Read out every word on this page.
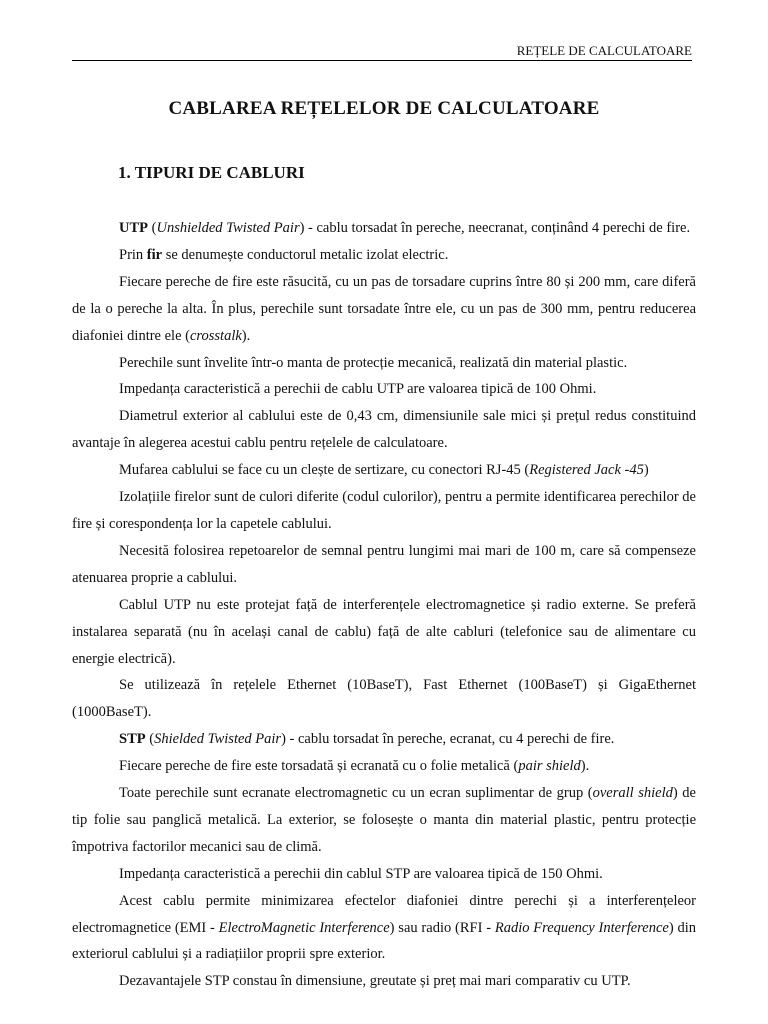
REȚELE DE CALCULATOARE
CABLAREA REȚELELOR DE CALCULATOARE
1. TIPURI DE CABLURI

UTP (Unshielded Twisted Pair) - cablu torsadat în pereche, neecranat, conținând 4 perechi de fire.

Prin fir se denumește conductorul metalic izolat electric.

Fiecare pereche de fire este răsucită, cu un pas de torsadare cuprins între 80 și 200 mm, care diferă de la o pereche la alta. În plus, perechile sunt torsadate între ele, cu un pas de 300 mm, pentru reducerea diafoniei dintre ele (crosstalk).

Perechile sunt învelite într-o manta de protecție mecanică, realizată din material plastic.

Impedanța caracteristică a perechii de cablu UTP are valoarea tipică de 100 Ohmi.

Diametrul exterior al cablului este de 0,43 cm, dimensiunile sale mici și prețul redus constituind avantaje în alegerea acestui cablu pentru rețelele de calculatoare.

Mufarea cablului se face cu un clește de sertizare, cu conectori RJ-45 (Registered Jack -45)

Izolațiile firelor sunt de culori diferite (codul culorilor), pentru a permite identificarea perechilor de fire și corespondența lor la capetele cablului.

Necesită folosirea repetoarelor de semnal pentru lungimi mai mari de 100 m, care să compenseze atenuarea proprie a cablului.

Cablul UTP nu este protejat față de interferențele electromagnetice și radio externe. Se preferă instalarea separată (nu în același canal de cablu) față de alte cabluri (telefonice sau de alimentare cu energie electrică).

Se utilizează în rețelele Ethernet (10BaseT), Fast Ethernet (100BaseT) și GigaEthernet (1000BaseT).

STP (Shielded Twisted Pair) - cablu torsadat în pereche, ecranat, cu 4 perechi de fire.

Fiecare pereche de fire este torsadată și ecranată cu o folie metalică (pair shield).

Toate perechile sunt ecranate electromagnetic cu un ecran suplimentar de grup (overall shield) de tip folie sau panglică metalică. La exterior, se folosește o manta din material plastic, pentru protecție împotriva factorilor mecanici sau de climă.

Impedanța caracteristică a perechii din cablul STP are valoarea tipică de 150 Ohmi.

Acest cablu permite minimizarea efectelor diafoniei dintre perechi și a interferențeleor electromagnetice (EMI - ElectroMagnetic Interference) sau radio (RFI - Radio Frequency Interference) din exteriorul cablului și a radiațiilor proprii spre exterior.

Dezavantajele STP constau în dimensiune, greutate și preț mai mari comparativ cu UTP.
